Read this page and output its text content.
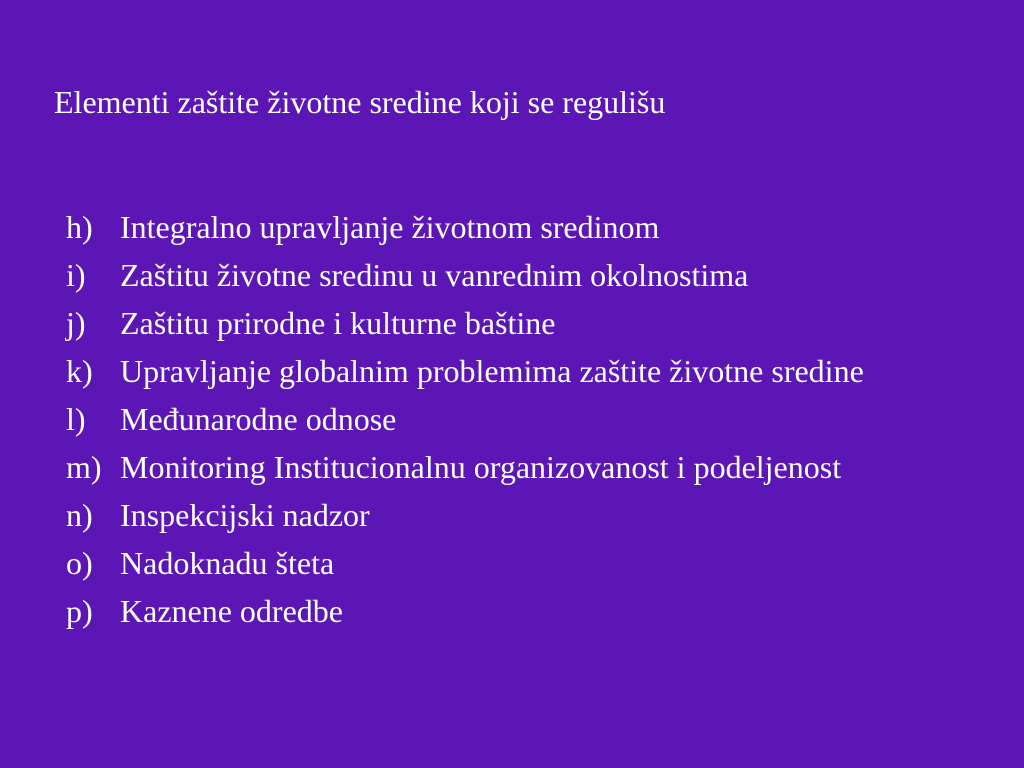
Elementi zaštite životne sredine koji se regulišu
h) Integralno upravljanje životnom sredinom
i)	Zaštitu životne sredinu u vanrednim okolnostima
j)	Zaštitu prirodne i kulturne baštine
k) Upravljanje globalnim problemima zaštite životne sredine
l)	Međunarodne odnose
m) Monitoring Institucionalnu organizovanost i podeljenost
n) Inspekcijski nadzor
o) Nadoknadu šteta
p) Kaznene odredbe
